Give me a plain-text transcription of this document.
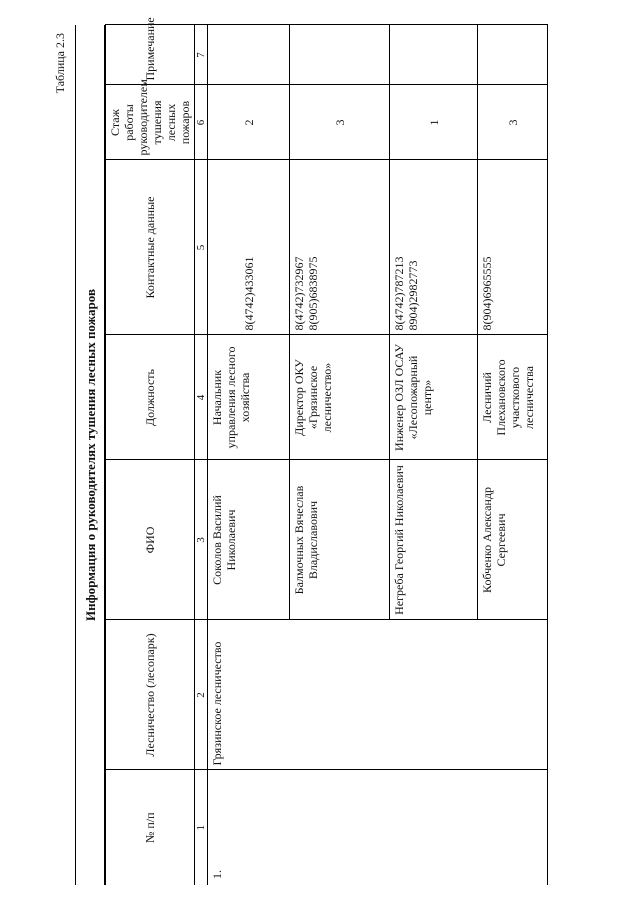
Таблица 2.3
Информация о руководителях тушения лесных пожаров
№ п/п	Лесничество (лесопарк)	ФИО	Должность	Контактные данные	Стаж работы руководителем тушения лесных пожаров	Примечание
1	2	3	4	5	6	7
1.	Грязинское лесничество	Соколов Василий Николаевич	Начальник управления лесного хозяйства	8(4742)433061	2	
		Балмочных Вячеслав Владиславович	Директор ОКУ «Грязинское лесничество»	8(4742)732967 8(905)6838975	3	
		Негреба Георгий Николаевич	Инженер ОЗЛ ОСАУ «Лесопожарный центр»	8(4742)787213 8904)2982773	1	
		Кобченко Александр Сергеевич	Лесничий Плехановского участкового лесничества	8(904)6965555	3	
